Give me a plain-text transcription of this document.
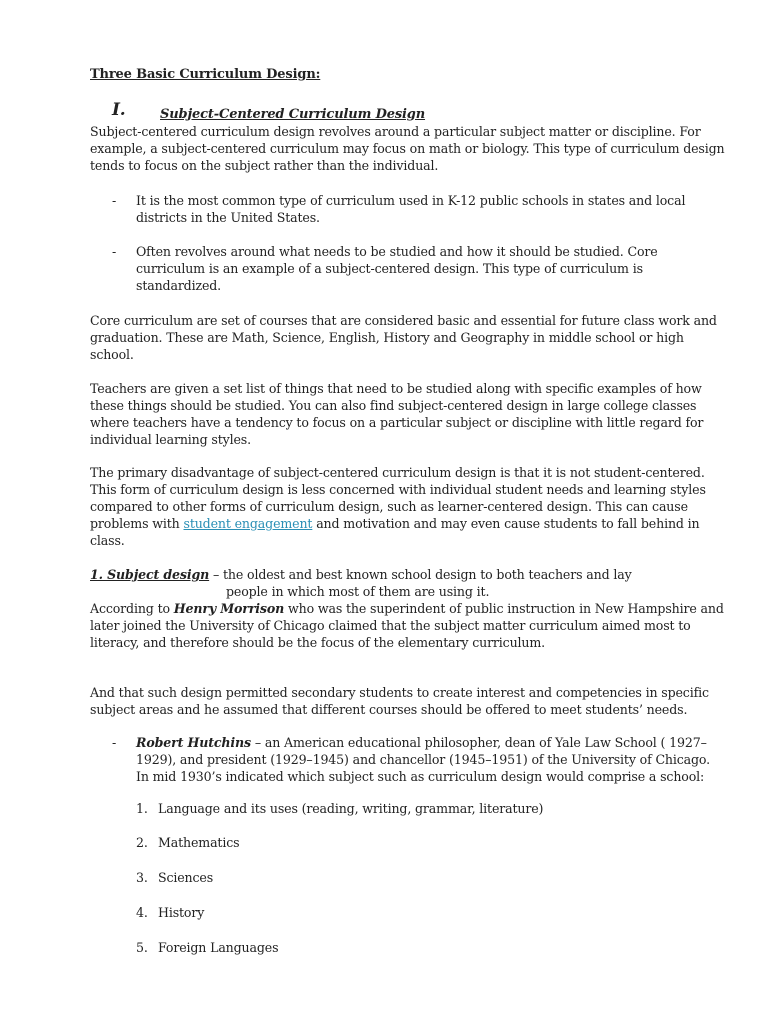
Three Basic Curriculum Design:
I.	Subject-Centered Curriculum Design
Subject-centered curriculum design revolves around a particular subject matter or discipline. For example, a subject-centered curriculum may focus on math or biology. This type of curriculum design tends to focus on the subject rather than the individual.
- It is the most common type of curriculum used in K-12 public schools in states and local districts in the United States.
- Often revolves around what needs to be studied and how it should be studied. Core curriculum is an example of a subject-centered design. This type of curriculum is standardized.
Core curriculum are set of courses that are considered basic and essential for future class work and graduation. These are Math, Science, English, History and Geography in middle school or high school.
Teachers are given a set list of things that need to be studied along with specific examples of how these things should be studied. You can also find subject-centered design in large college classes where teachers have a tendency to focus on a particular subject or discipline with little regard for individual learning styles.
The primary disadvantage of subject-centered curriculum design is that it is not student-centered. This form of curriculum design is less concerned with individual student needs and learning styles compared to other forms of curriculum design, such as learner-centered design. This can cause problems with student engagement and motivation and may even cause students to fall behind in class.
1. Subject design – the oldest and best known school design to both teachers and lay
people in which most of them are using it.
According to Henry Morrison who was the superindent of public instruction in New Hampshire and later joined the University of Chicago claimed that the subject matter curriculum aimed most to literacy, and therefore should be the focus of the elementary curriculum.
And that such design permitted secondary students to create interest and competencies in specific subject areas and he assumed that different courses should be offered to meet students’ needs.
- Robert Hutchins – an American educational philosopher, dean of Yale Law School ( 1927–1929), and president (1929–1945) and chancellor (1945–1951) of the University of Chicago. In mid 1930’s indicated which subject such as curriculum design would comprise a school:
1. Language and its uses (reading, writing, grammar, literature)
2. Mathematics
3. Sciences
4. History
5. Foreign Languages
